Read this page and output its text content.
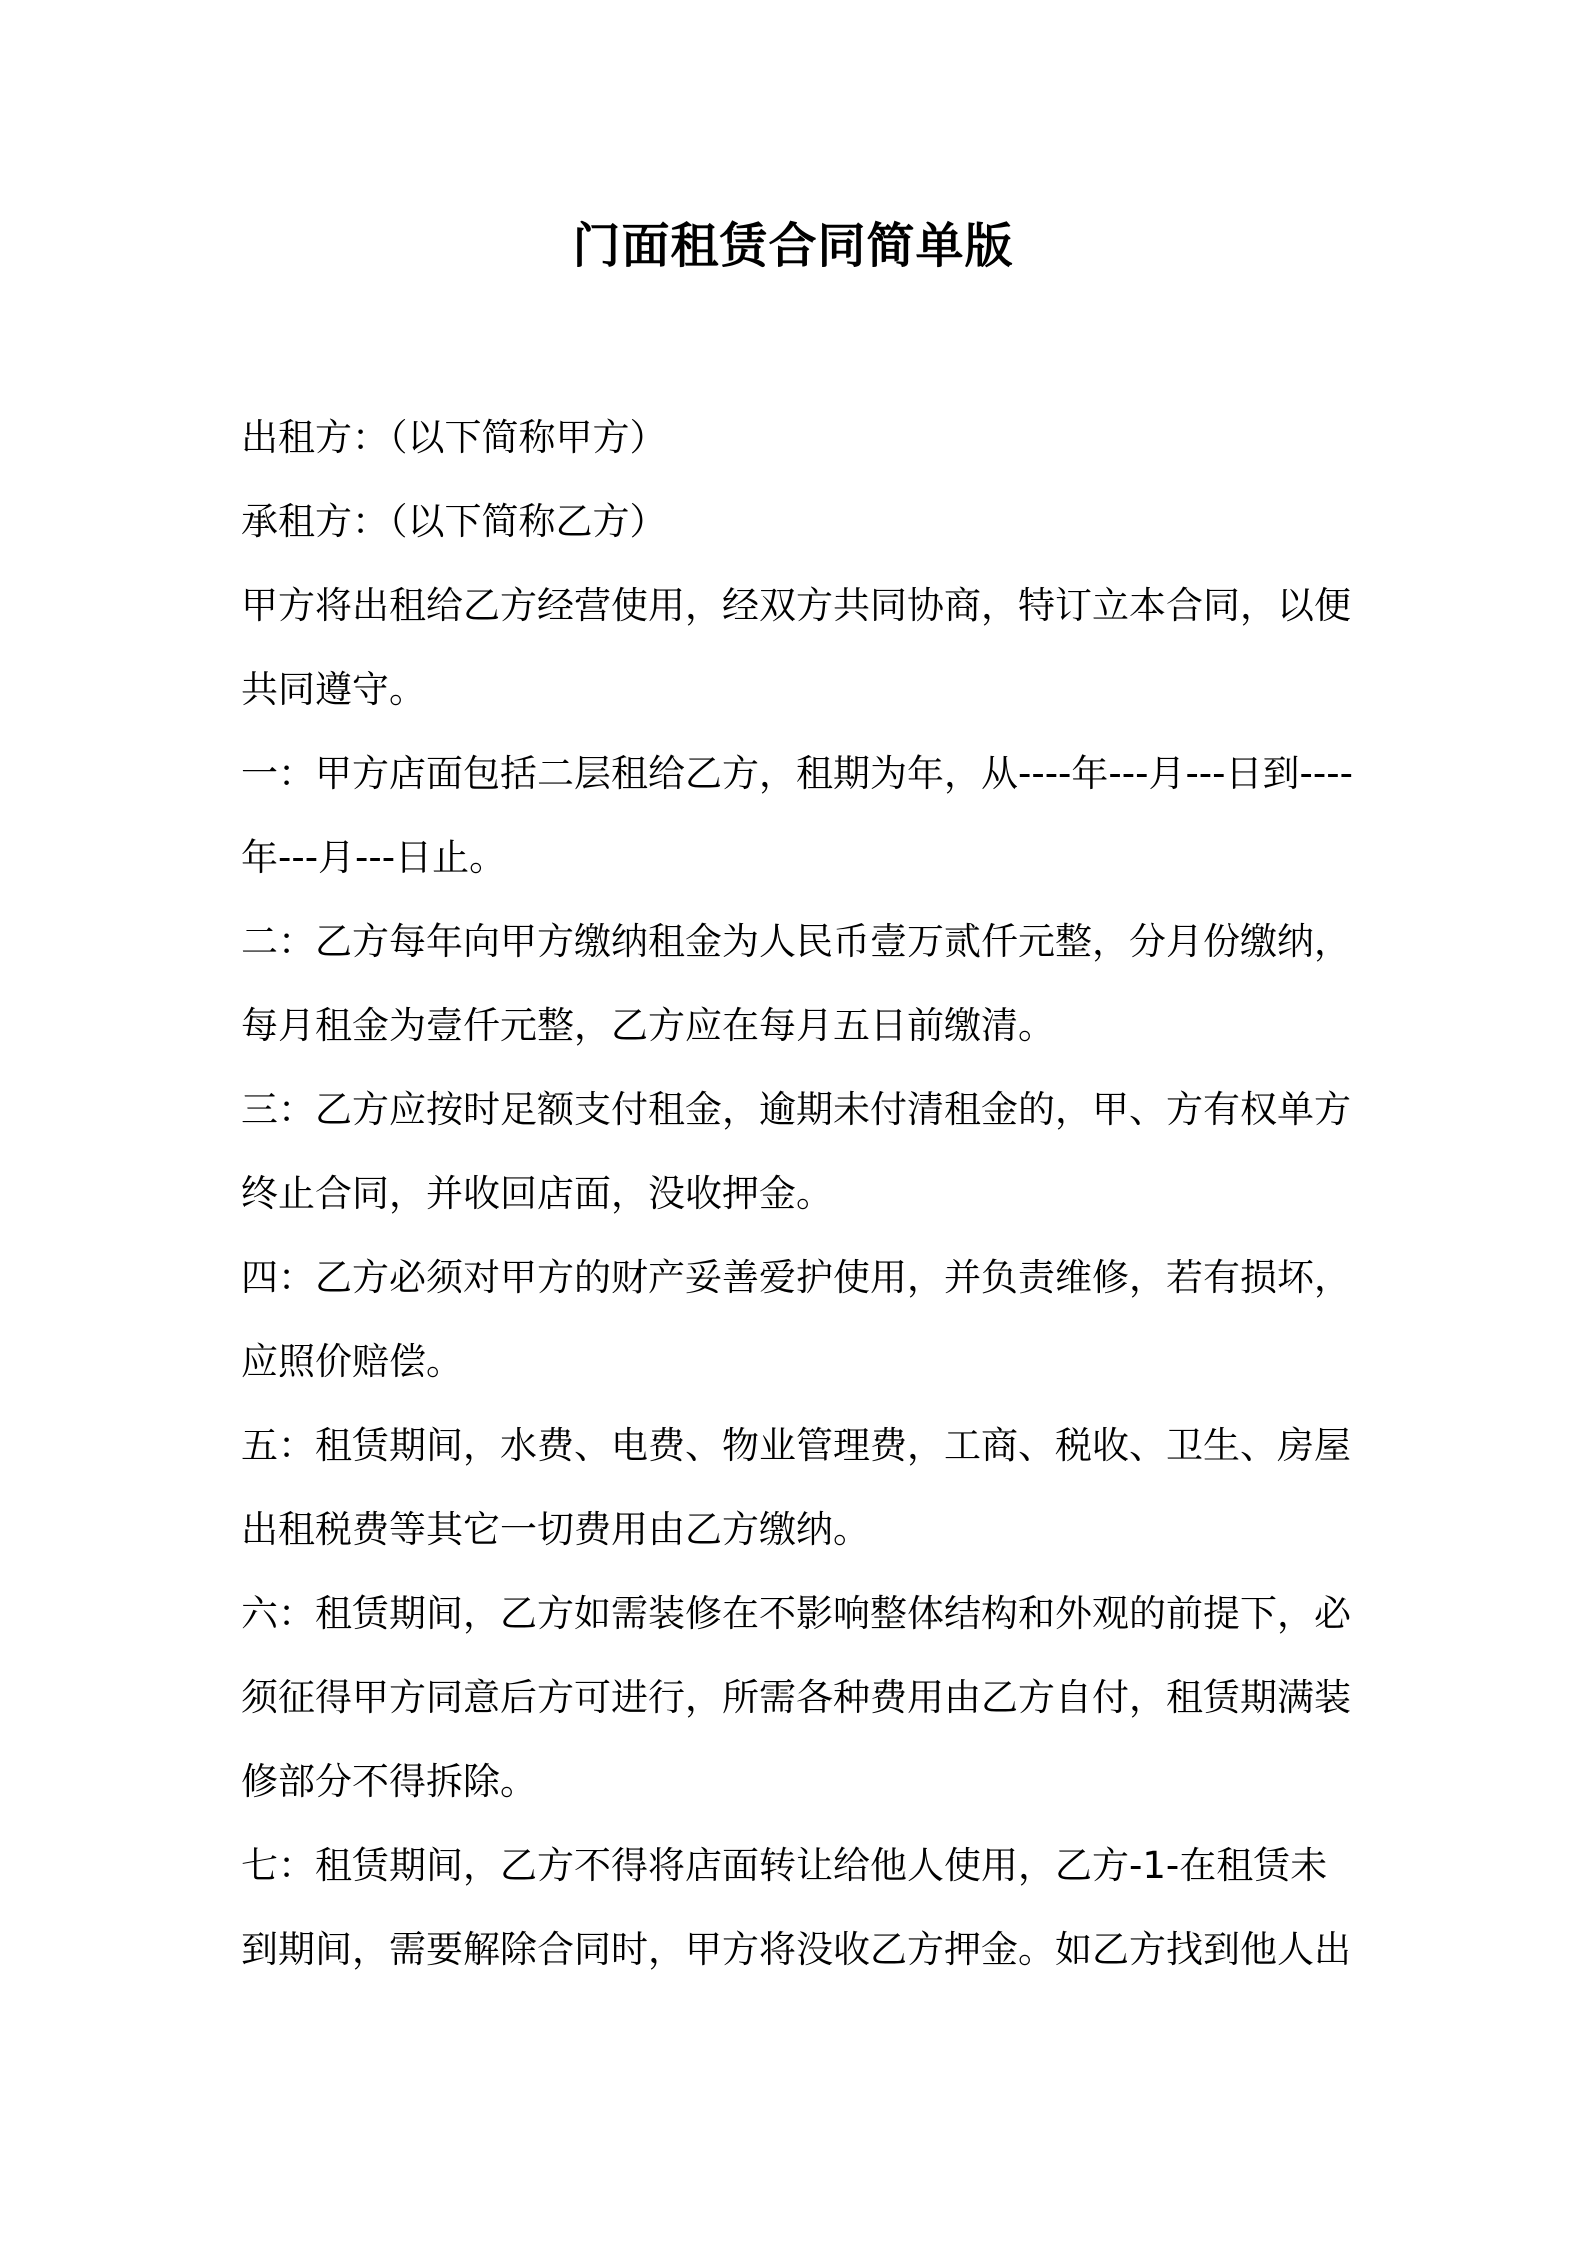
门面租赁合同简单版

出租方：（以下简称甲方）

承租方：（以下简称乙方）

甲方将出租给乙方经营使用，经双方共同协商，特订立本合同，以便共同遵守。

一：甲方店面包括二层租给乙方，租期为年，从----年---月---日到----年---月---日止。

二：乙方每年向甲方缴纳租金为人民币壹万贰仟元整，分月份缴纳，每月租金为壹仟元整，乙方应在每月五日前缴清。

三：乙方应按时足额支付租金，逾期未付清租金的，甲、方有权单方终止合同，并收回店面，没收押金。

四：乙方必须对甲方的财产妥善爱护使用，并负责维修，若有损坏，应照价赔偿。

五：租赁期间，水费、电费、物业管理费，工商、税收、卫生、房屋出租税费等其它一切费用由乙方缴纳。

六：租赁期间，乙方如需装修在不影响整体结构和外观的前提下，必须征得甲方同意后方可进行，所需各种费用由乙方自付，租赁期满装修部分不得拆除。

七：租赁期间，乙方不得将店面转让给他人使用，乙方-1-在租赁未到期间，需要解除合同时，甲方将没收乙方押金。如乙方找到他人出
